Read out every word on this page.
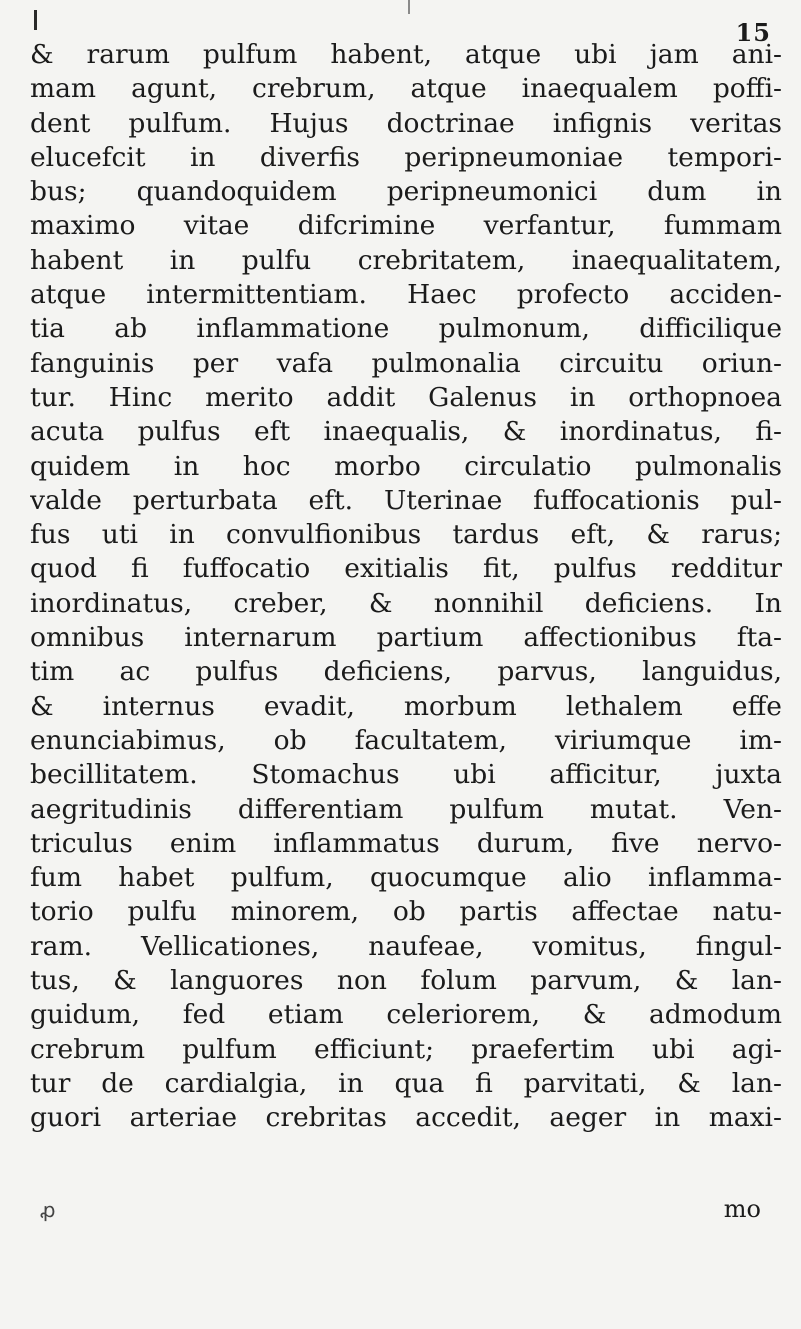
15
& rarum pulfum habent, atque ubi jam ani-
mam agunt, crebrum, atque inaequalem poffi-
dent pulfum. Hujus doctrinae infignis veritas
elucefcit in diverfis peripneumoniae tempori-
bus; quandoquidem peripneumonici dum in
maximo vitae difcrimine verfantur, fummam
habent in pulfu crebritatem, inaequalitatem,
atque intermittentiam. Haec profecto acciden-
tia ab inflammatione pulmonum, difficilique
fanguinis per vafa pulmonalia circuitu oriun-
tur. Hinc merito addit Galenus in orthopnoea
acuta pulfus eft inaequalis, & inordinatus, fi-
quidem in hoc morbo circulatio pulmonalis
valde perturbata eft. Uterinae fuffocationis pul-
fus uti in convulfionibus tardus eft, & rarus;
quod fi fuffocatio exitialis fit, pulfus redditur
inordinatus, creber, & nonnihil deficiens. In
omnibus internarum partium affectionibus fta-
tim ac pulfus deficiens, parvus, languidus,
& internus evadit, morbum lethalem effe
enunciabimus, ob facultatem, viriumque im-
becillitatem. Stomachus ubi afficitur, juxta
aegritudinis differentiam pulfum mutat. Ven-
triculus enim inflammatus durum, five nervo-
fum habet pulfum, quocumque alio inflamma-
torio pulfu minorem, ob partis affectae natu-
ram. Vellicationes, naufeae, vomitus, fingul-
tus, & languores non folum parvum, & lan-
guidum, fed etiam celeriorem, & admodum
crebrum pulfum efficiunt; praefertim ubi agi-
tur de cardialgia, in qua fi parvitati, & lan-
guori arteriae crebritas accedit, aeger in maxi-
ꝓ	mo
